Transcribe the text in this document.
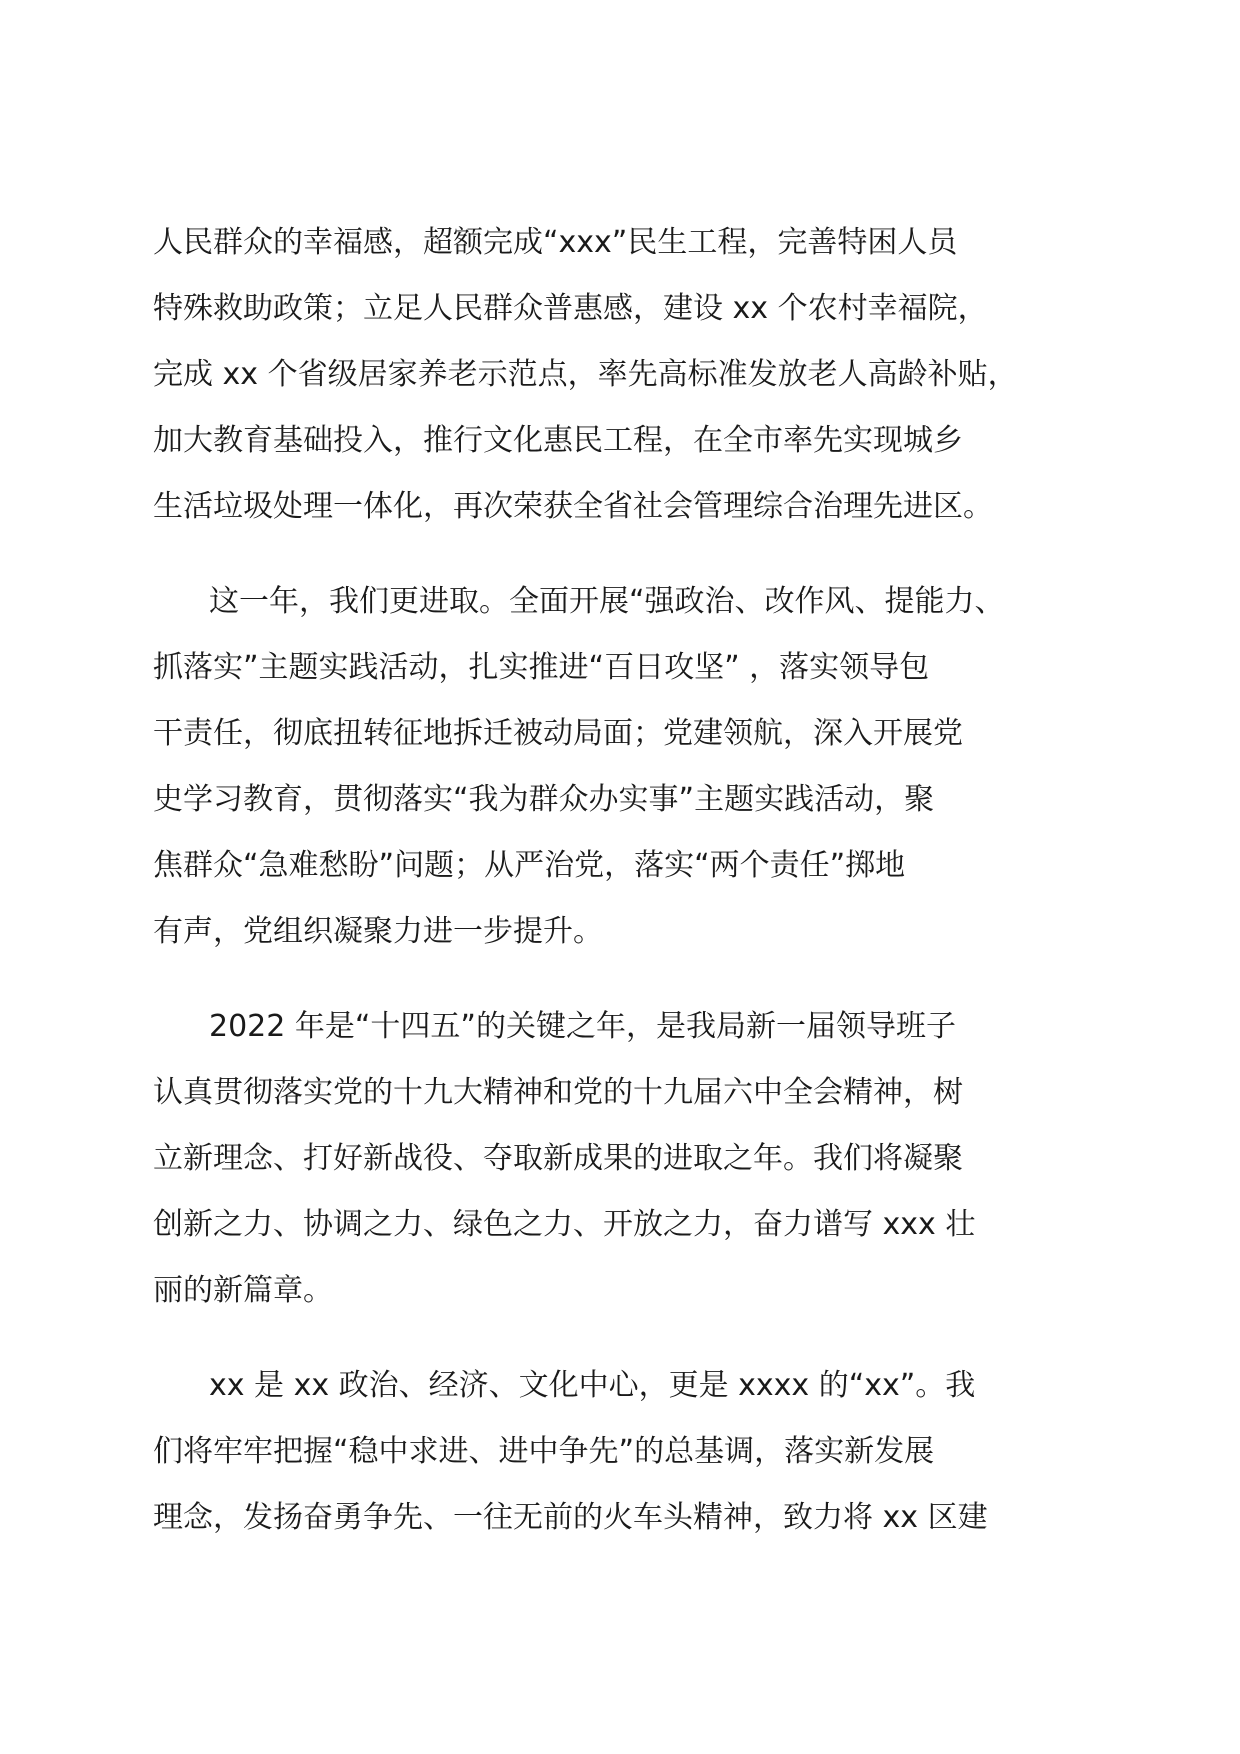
人民群众的幸福感，超额完成“xxx”民生工程，完善特困人员
特殊救助政策；立足人民群众普惠感，建设 xx 个农村幸福院，
完成 xx 个省级居家养老示范点，率先高标准发放老人高龄补贴，
加大教育基础投入，推行文化惠民工程，在全市率先实现城乡
生活垃圾处理一体化，再次荣获全省社会管理综合治理先进区。

这一年，我们更进取。全面开展“强政治、改作风、提能力、
抓落实”主题实践活动，扎实推进“百日攻坚” ，落实领导包
干责任，彻底扭转征地拆迁被动局面；党建领航，深入开展党
史学习教育，贯彻落实“我为群众办实事”主题实践活动，聚
焦群众“急难愁盼”问题；从严治党，落实“两个责任”掷地
有声，党组织凝聚力进一步提升。

2022 年是“十四五”的关键之年，是我局新一届领导班子
认真贯彻落实党的十九大精神和党的十九届六中全会精神，树
立新理念、打好新战役、夺取新成果的进取之年。我们将凝聚
创新之力、协调之力、绿色之力、开放之力，奋力谱写 xxx 壮
丽的新篇章。

xx 是 xx 政治、经济、文化中心，更是 xxxx 的“xx”。我
们将牢牢把握“稳中求进、进中争先”的总基调，落实新发展
理念，发扬奋勇争先、一往无前的火车头精神，致力将 xx 区建
